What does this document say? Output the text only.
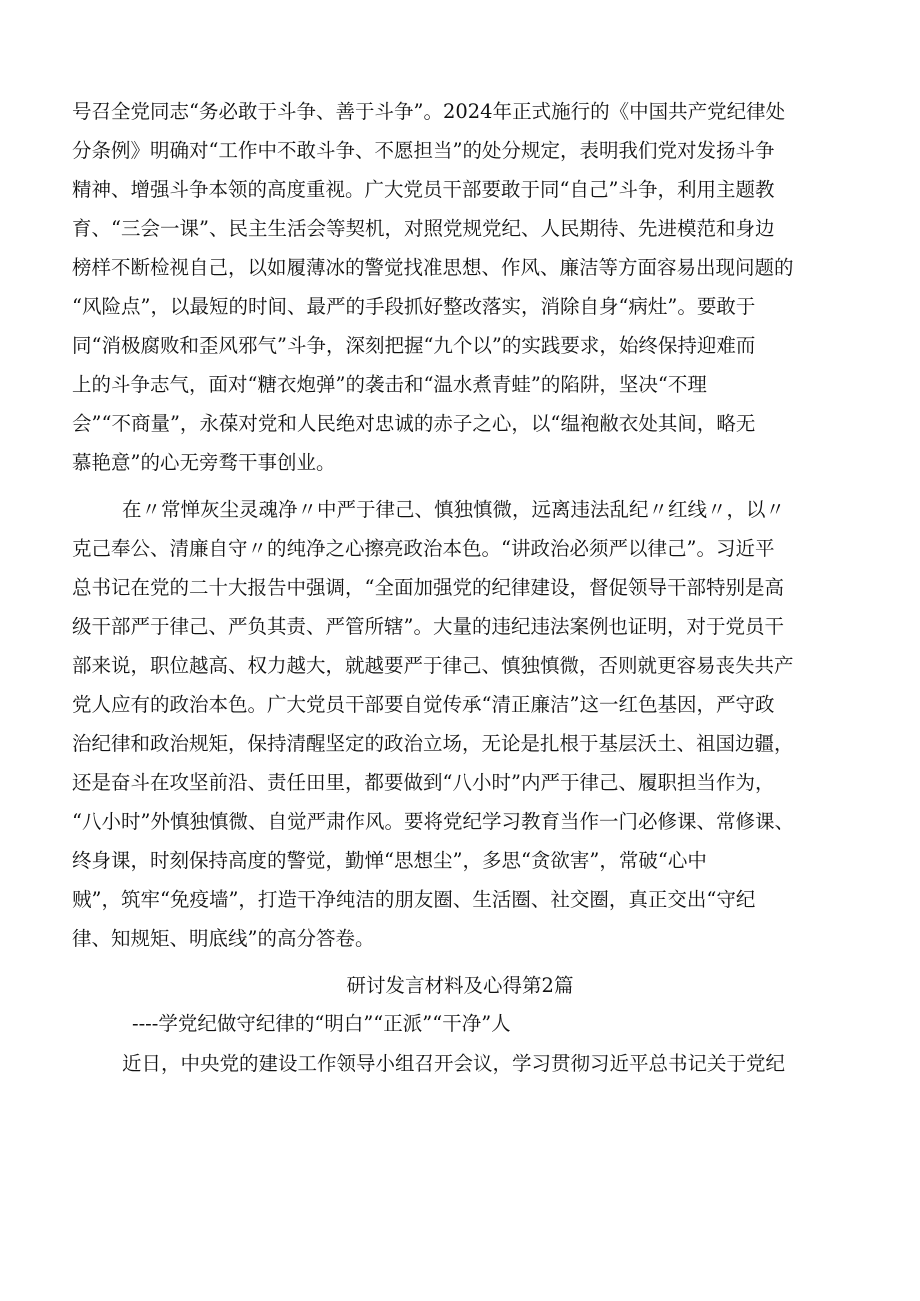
号召全党同志“务必敢于斗争、善于斗争”。2024年正式施行的《中国共产党纪律处
分条例》明确对“工作中不敢斗争、不愿担当”的处分规定，表明我们党对发扬斗争
精神、增强斗争本领的高度重视。广大党员干部要敢于同“自己”斗争，利用主题教
育、“三会一课”、民主生活会等契机，对照党规党纪、人民期待、先进模范和身边
榜样不断检视自己，以如履薄冰的警觉找准思想、作风、廉洁等方面容易出现问题的
“风险点”，以最短的时间、最严的手段抓好整改落实，消除自身“病灶”。要敢于
同“消极腐败和歪风邪气”斗争，深刻把握“九个以”的实践要求，始终保持迎难而
上的斗争志气，面对“糖衣炮弹”的袭击和“温水煮青蛙”的陷阱，坚决“不理
会”“不商量”，永葆对党和人民绝对忠诚的赤子之心，以“缊袍敝衣处其间，略无
慕艳意”的心无旁骛干事创业。
在〃常惮灰尘灵魂净〃中严于律己、慎独慎微，远离违法乱纪〃红线〃，以〃
克己奉公、清廉自守〃的纯净之心擦亮政治本色。“讲政治必须严以律己”。习近平
总书记在党的二十大报告中强调，“全面加强党的纪律建设，督促领导干部特别是高
级干部严于律己、严负其责、严管所辖”。大量的违纪违法案例也证明，对于党员干
部来说，职位越高、权力越大，就越要严于律己、慎独慎微，否则就更容易丧失共产
党人应有的政治本色。广大党员干部要自觉传承“清正廉洁”这一红色基因，严守政
治纪律和政治规矩，保持清醒坚定的政治立场，无论是扎根于基层沃土、祖国边疆，
还是奋斗在攻坚前沿、责任田里，都要做到“八小时”内严于律己、履职担当作为，
“八小时”外慎独慎微、自觉严肃作风。要将党纪学习教育当作一门必修课、常修课、
终身课，时刻保持高度的警觉，勤惮“思想尘”，多思“贪欲害”，常破“心中
贼”，筑牢“免疫墙”，打造干净纯洁的朋友圈、生活圈、社交圈，真正交出“守纪
律、知规矩、明底线”的高分答卷。
研讨发言材料及心得第2篇
----学党纪做守纪律的“明白”“正派”“干净”人
近日，中央党的建设工作领导小组召开会议，学习贯彻习近平总书记关于党纪
